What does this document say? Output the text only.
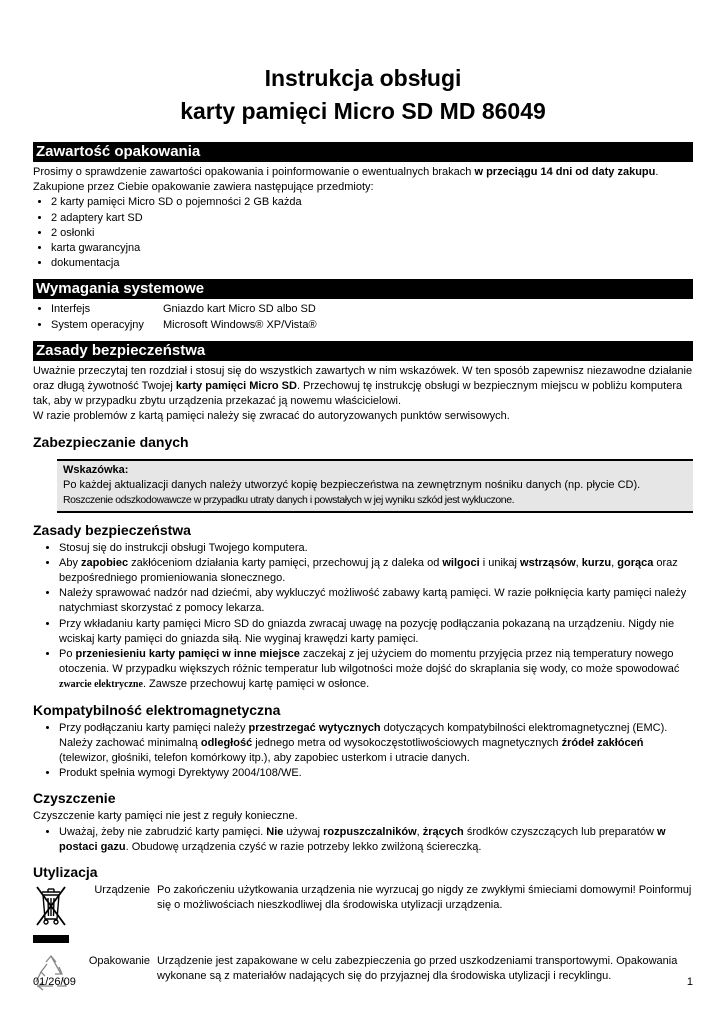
Instrukcja obsługi
karty pamięci Micro SD MD 86049
Zawartość opakowania

Prosimy o sprawdzenie zawartości opakowania i poinformowanie o ewentualnych brakach w przeciągu 14 dni od daty zakupu.

Zakupione przez Ciebie opakowanie zawiera następujące przedmioty:

• 2 karty pamięci Micro SD o pojemności 2 GB każda
• 2 adaptery kart SD
• 2 osłonki
• karta gwarancyjna
• dokumentacja
Wymagania systemowe
• Interfejs	Gniazdo kart Micro SD albo SD
• System operacyjny	Microsoft Windows® XP/Vista®
Zasady bezpieczeństwa

Uważnie przeczytaj ten rozdział i stosuj się do wszystkich zawartych w nim wskazówek. W ten sposób zapewnisz niezawodne działanie oraz długą żywotność Twojej karty pamięci Micro SD. Przechowuj tę instrukcję obsługi w bezpiecznym miejscu w pobliżu komputera tak, aby w przypadku zbytu urządzenia przekazać ją nowemu właścicielowi.

W razie problemów z kartą pamięci należy się zwracać do autoryzowanych punktów serwisowych.

Zabezpieczanie danych

Wskazówka:

Po każdej aktualizacji danych należy utworzyć kopię bezpieczeństwa na zewnętrznym nośniku danych (np. płycie CD).

Roszczenie odszkodowawcze w przypadku utraty danych i powstałych w jej wyniku szkód jest wykluczone.

Zasady bezpieczeństwa
• Stosuj się do instrukcji obsługi Twojego komputera.
• Aby zapobiec zakłóceniom działania karty pamięci, przechowuj ją z daleka od wilgoci i unikaj wstrząsów, kurzu, gorąca oraz bezpośredniego promieniowania słonecznego.
• Należy sprawować nadzór nad dziećmi, aby wykluczyć możliwość zabawy kartą pamięci. W razie połknięcia karty pamięci należy natychmiast skorzystać z pomocy lekarza.
• Przy wkładaniu karty pamięci Micro SD do gniazda zwracaj uwagę na pozycję podłączania pokazaną na urządzeniu. Nigdy nie wciskaj karty pamięci do gniazda siłą. Nie wyginaj krawędzi karty pamięci.
• Po przeniesieniu karty pamięci w inne miejsce zaczekaj z jej użyciem do momentu przyjęcia przez nią temperatury nowego otoczenia. W przypadku większych różnic temperatur lub wilgotności może dojść do skraplania się wody, co może spowodować zwarcie elektryczne. Zawsze przechowuj kartę pamięci w osłonce.
Kompatybilność elektromagnetyczna
• Przy podłączaniu karty pamięci należy przestrzegać wytycznych dotyczących kompatybilności elektromagnetycznej (EMC). Należy zachować minimalną odległość jednego metra od wysokoczęstotliwościowych magnetycznych źródeł zakłóceń (telewizor, głośniki, telefon komórkowy itp.), aby zapobiec usterkom i utracie danych.
• Produkt spełnia wymogi Dyrektywy 2004/108/WE.
Czyszczenie

Czyszczenie karty pamięci nie jest z reguły konieczne.

• Uważaj, żeby nie zabrudzić karty pamięci. Nie używaj rozpuszczalników, żrących środków czyszczących lub preparatów w postaci gazu. Obudowę urządzenia czyść w razie potrzeby lekko zwilżoną ściereczką.
Utylizacja

Urządzenie Po zakończeniu użytkowania urządzenia nie wyrzucaj go nigdy ze zwykłymi śmieciami domowymi! Poinformuj się o możliwościach nieszkodliwej dla środowiska utylizacji urządzenia.

Opakowanie Urządzenie jest zapakowane w celu zabezpieczenia go przed uszkodzeniami transportowymi. Opakowania wykonane są z materiałów nadających się do przyjaznej dla środowiska utylizacji i recyklingu.

01/26/09	1
